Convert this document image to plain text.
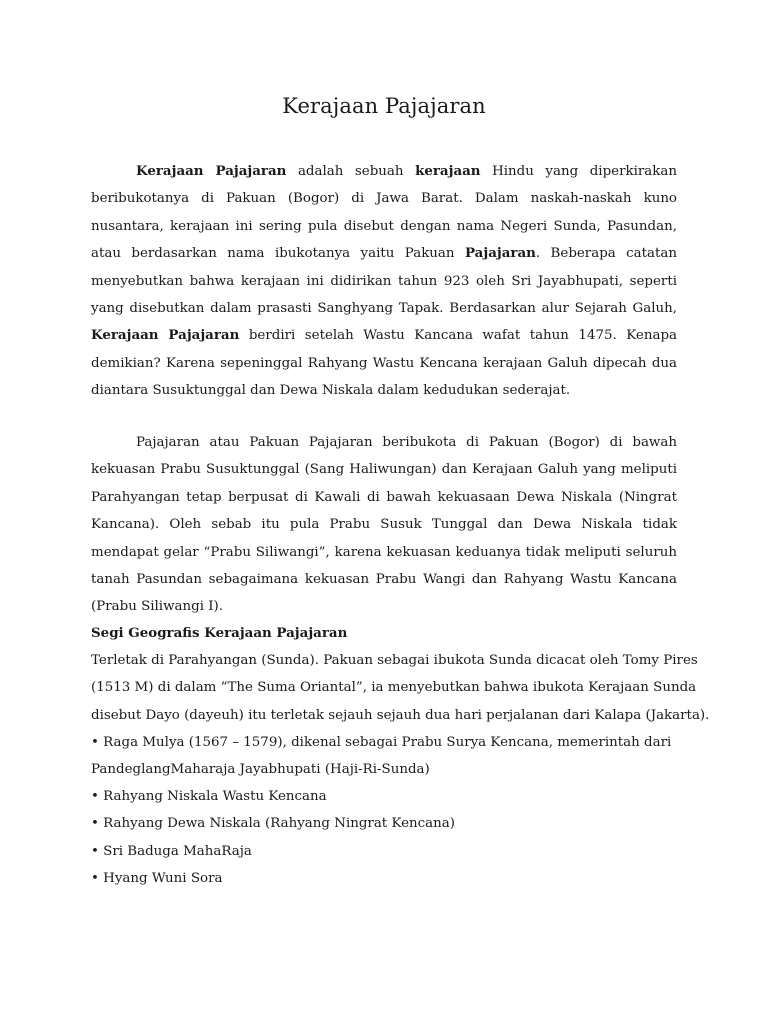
Kerajaan Pajajaran

Kerajaan Pajajaran adalah sebuah kerajaan Hindu yang diperkirakan beribukotanya di Pakuan (Bogor) di Jawa Barat. Dalam naskah-naskah kuno nusantara, kerajaan ini sering pula disebut dengan nama Negeri Sunda, Pasundan, atau berdasarkan nama ibukotanya yaitu Pakuan Pajajaran. Beberapa catatan menyebutkan bahwa kerajaan ini didirikan tahun 923 oleh Sri Jayabhupati, seperti yang disebutkan dalam prasasti Sanghyang Tapak. Berdasarkan alur Sejarah Galuh, Kerajaan Pajajaran berdiri setelah Wastu Kancana wafat tahun 1475. Kenapa demikian? Karena sepeninggal Rahyang Wastu Kencana kerajaan Galuh dipecah dua diantara Susuktunggal dan Dewa Niskala dalam kedudukan sederajat.

Pajajaran atau Pakuan Pajajaran beribukota di Pakuan (Bogor) di bawah kekuasan Prabu Susuktunggal (Sang Haliwungan) dan Kerajaan Galuh yang meliputi Parahyangan tetap berpusat di Kawali di bawah kekuasaan Dewa Niskala (Ningrat Kancana). Oleh sebab itu pula Prabu Susuk Tunggal dan Dewa Niskala tidak mendapat gelar “Prabu Siliwangi”, karena kekuasan keduanya tidak meliputi seluruh tanah Pasundan sebagaimana kekuasan Prabu Wangi dan Rahyang Wastu Kancana (Prabu Siliwangi I).

Segi Geografis Kerajaan Pajajaran
Terletak di Parahyangan (Sunda). Pakuan sebagai ibukota Sunda dicacat oleh Tomy Pires
(1513 M) di dalam “The Suma Oriantal”, ia menyebutkan bahwa ibukota Kerajaan Sunda
disebut Dayo (dayeuh) itu terletak sejauh sejauh dua hari perjalanan dari Kalapa (Jakarta).
• Raga Mulya (1567 – 1579), dikenal sebagai Prabu Surya Kencana, memerintah dari
PandeglangMaharaja Jayabhupati (Haji-Ri-Sunda)
• Rahyang Niskala Wastu Kencana
• Rahyang Dewa Niskala (Rahyang Ningrat Kencana)
• Sri Baduga MahaRaja
• Hyang Wuni Sora
